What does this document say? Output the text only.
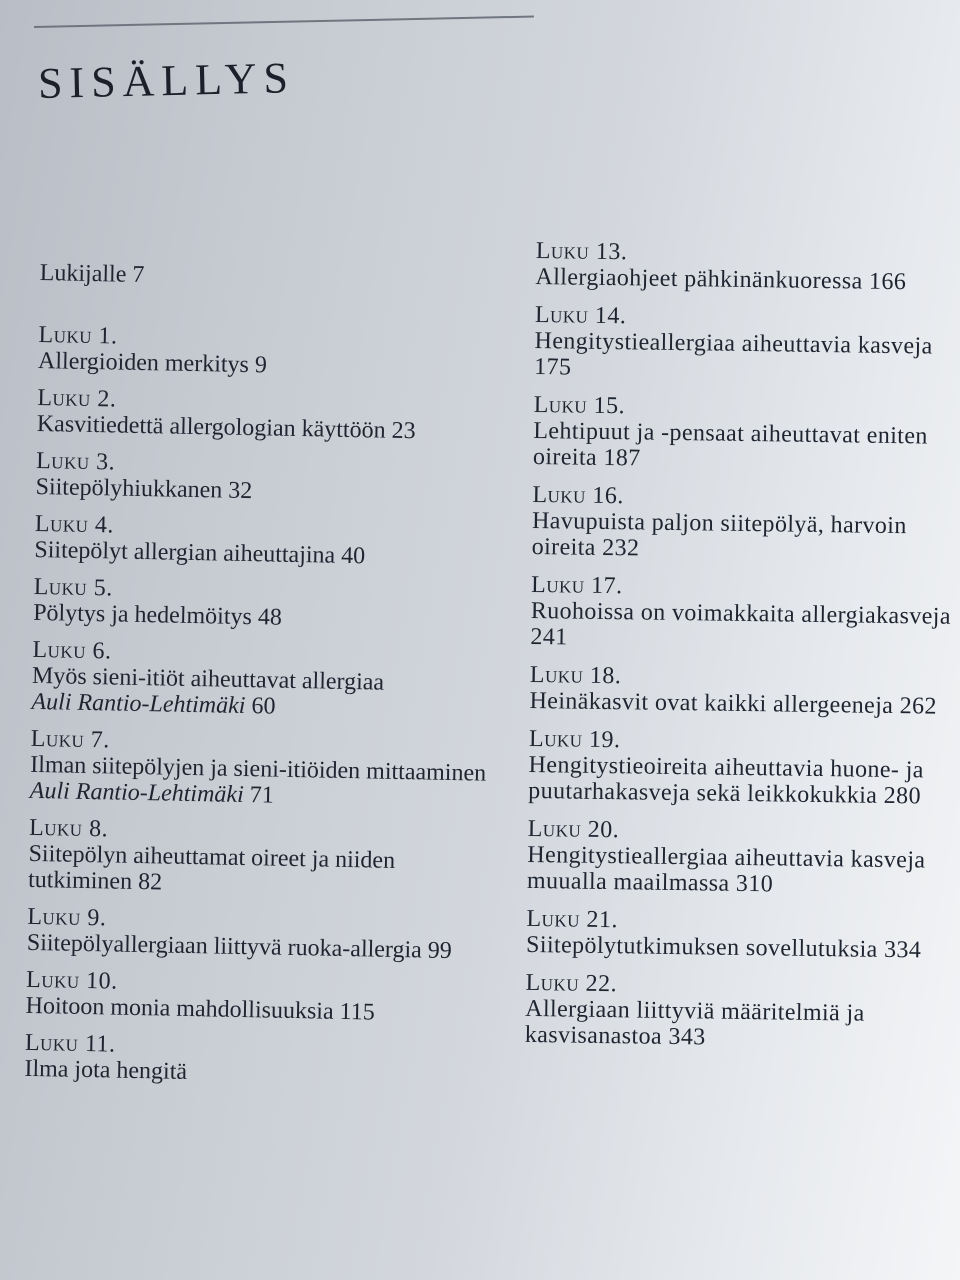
SISÄLLYS
Lukijalle 7
Luku 1.
Allergioiden merkitys 9
Luku 2.
Kasvitiedettä allergologian käyttöön 23
Luku 3.
Siitepölyhiukkanen 32
Luku 4.
Siitepölyt allergian aiheuttajina 40
Luku 5.
Pölytys ja hedelmöitys 48
Luku 6.
Myös sieni-itiöt aiheuttavat allergiaa
Auli Rantio-Lehtimäki 60
Luku 7.
Ilman siitepölyjen ja sieni-itiöiden mittaaminen
Auli Rantio-Lehtimäki 71
Luku 8.
Siitepölyn aiheuttamat oireet ja niiden tutkiminen 82
Luku 9.
Siitepölyallergiaan liittyvä ruoka-allergia 99
Luku 10.
Hoitoon monia mahdollisuuksia 115
Luku 11.
Ilma jota hengitä
Luku 13.
Allergiaohjeet pähkinänkuoressa 166
Luku 14.
Hengitystieallergiaa aiheuttavia kasveja 175
Luku 15.
Lehtipuut ja -pensaat aiheuttavat eniten oireita 187
Luku 16.
Havupuista paljon siitepölyä, harvoin oireita 232
Luku 17.
Ruohoissa on voimakkaita allergiakasveja 241
Luku 18.
Heinäkasvit ovat kaikki allergeeneja 262
Luku 19.
Hengitystieoireita aiheuttavia huone- ja puutarhakasveja sekä leikkokukkia 280
Luku 20.
Hengitystieallergiaa aiheuttavia kasveja muualla maailmassa 310
Luku 21.
Siitepölytutkimuksen sovellutuksia 334
Luku 22.
Allergiaan liittyviä määritelmiä ja kasvisanastoa 343
